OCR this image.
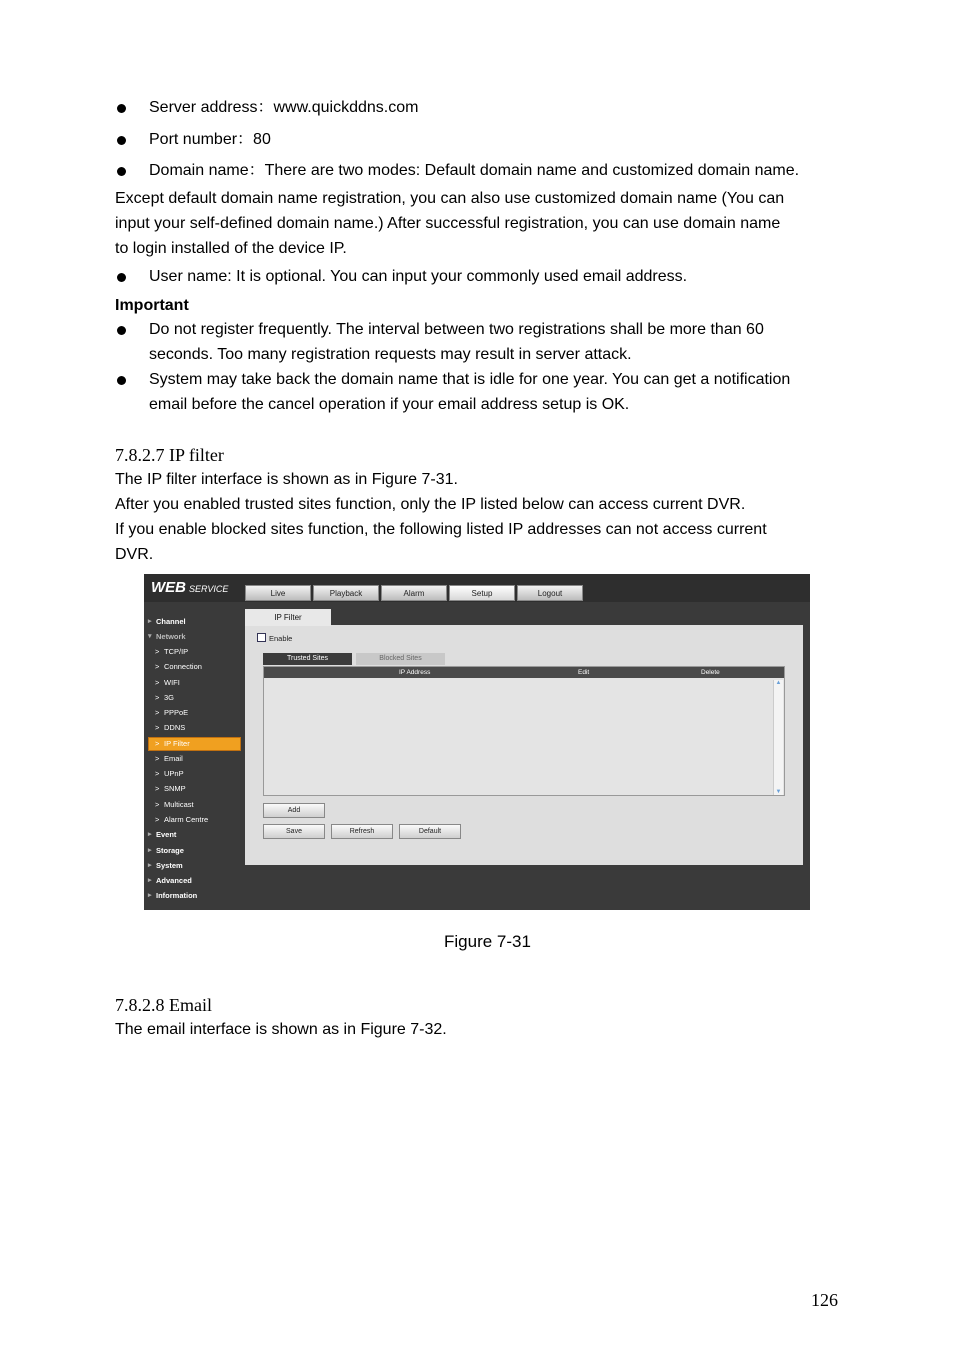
Server address：www.quickddns.com
Port number：80
Domain name：There are two modes: Default domain name and customized domain name.
Except default domain name registration, you can also use customized domain name (You can
input your self-defined domain name.) After successful registration, you can use domain name
to login installed of the device IP.
User name: It is optional. You can input your commonly used email address.
Important
Do not register frequently. The interval between two registrations shall be more than 60
seconds. Too many registration requests may result in server attack.
System may take back the domain name that is idle for one year. You can get a notification
email before the cancel operation if your email address setup is OK.
7.8.2.7 IP filter
The IP filter interface is shown as in Figure 7-31.
After you enabled trusted sites function, only the IP listed below can access current DVR.
If you enable blocked sites function, the following listed IP addresses can not access current
DVR.
WEB SERVICE	Live	Playback	Alarm	Setup	Logout
▸ Channel
▾ Network
> TCP/IP
> Connection
> WIFI
> 3G
> PPPoE
> DDNS
> IP Filter
> Email
> UPnP
> SNMP
> Multicast
> Alarm Centre
▸ Event
▸ Storage
▸ System
▸ Advanced
▸ Information
IP Filter
Enable
Trusted Sites	Blocked Sites
IP Address	Edit	Delete
▲
▼
Add
Save	Refresh	Default
Figure 7-31
7.8.2.8 Email
The email interface is shown as in Figure 7-32.
126
